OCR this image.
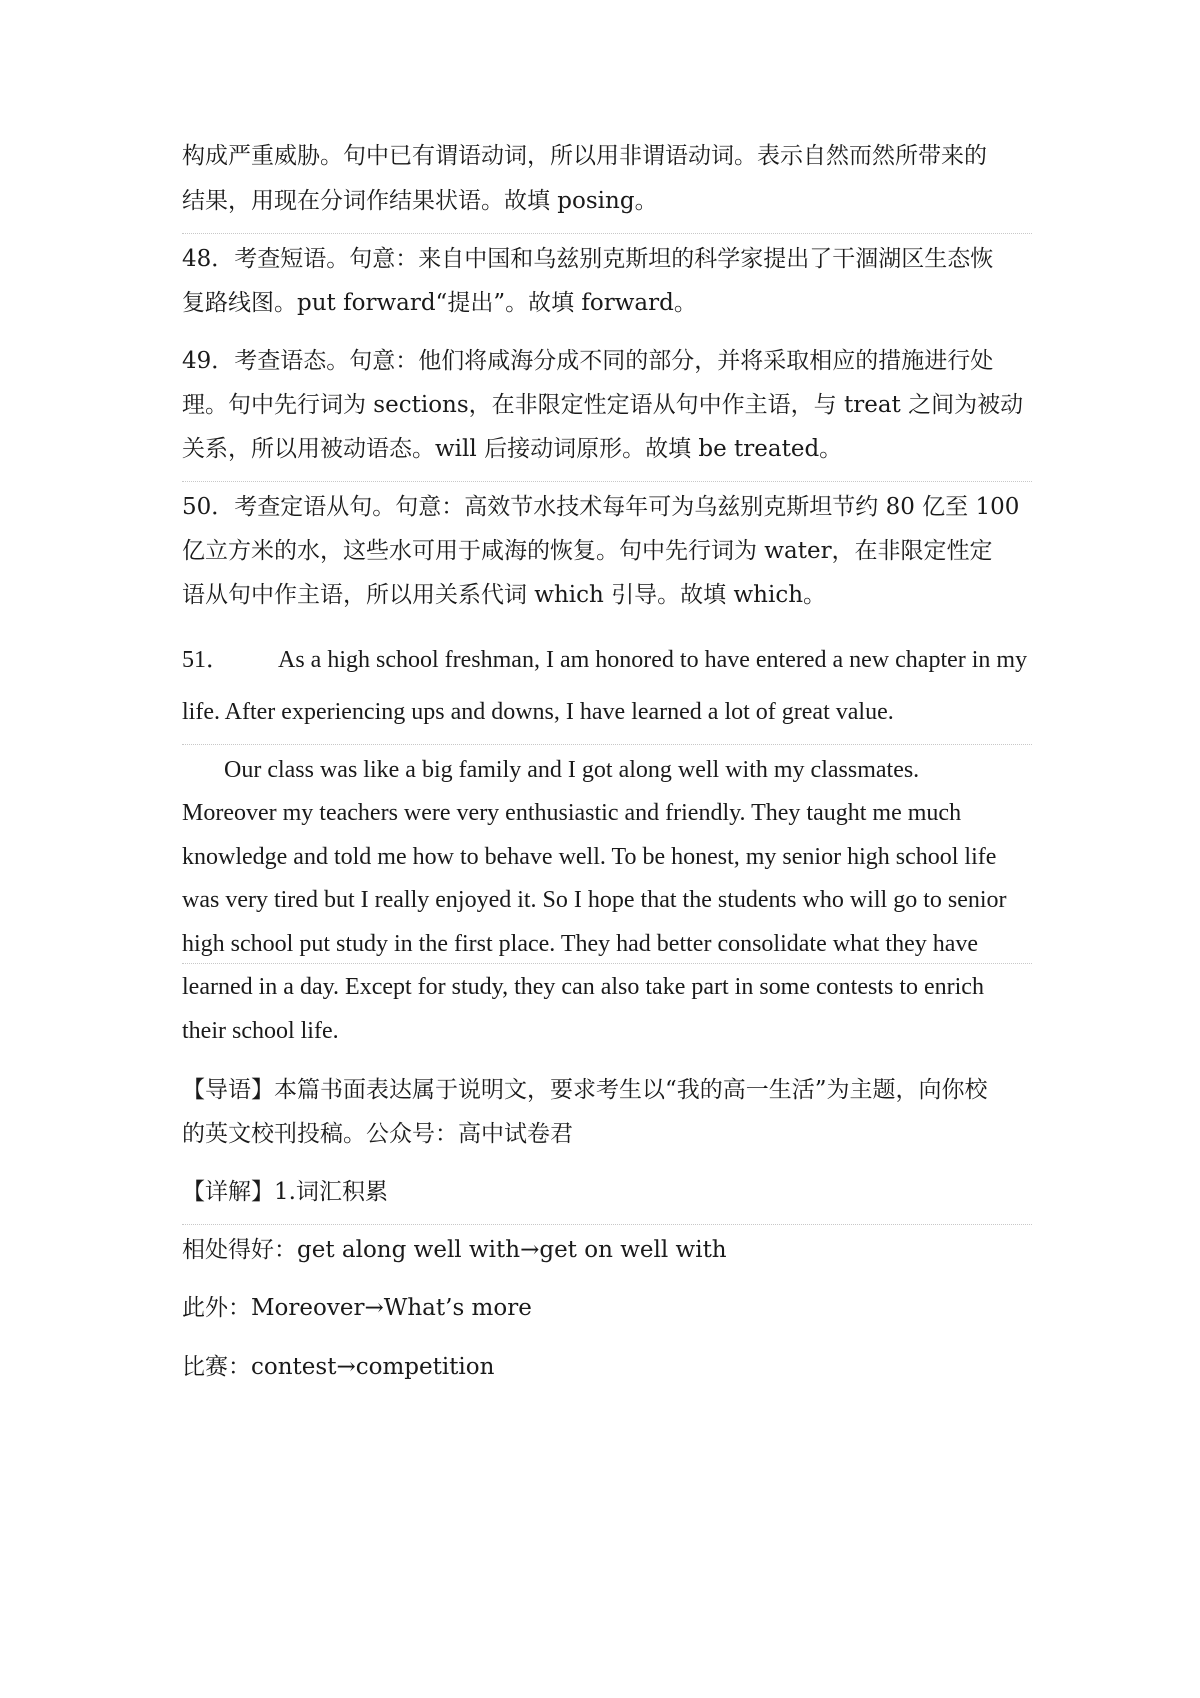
构成严重威胁。句中已有谓语动词，所以用非谓语动词。表示自然而然所带来的
结果，用现在分词作结果状语。故填 posing。
48．考查短语。句意：来自中国和乌兹别克斯坦的科学家提出了干涸湖区生态恢
复路线图。put forward“提出”。故填 forward。
49．考查语态。句意：他们将咸海分成不同的部分，并将采取相应的措施进行处
理。句中先行词为 sections，在非限定性定语从句中作主语，与 treat 之间为被动
关系，所以用被动语态。will 后接动词原形。故填 be treated。
50．考查定语从句。句意：高效节水技术每年可为乌兹别克斯坦节约 80 亿至 100
亿立方米的水，这些水可用于咸海的恢复。句中先行词为 water，在非限定性定
语从句中作主语，所以用关系代词 which 引导。故填 which。
51． As a high school freshman, I am honored to have entered a new chapter in my
life. After experiencing ups and downs, I have learned a lot of great value.
Our class was like a big family and I got along well with my classmates.
Moreover my teachers were very enthusiastic and friendly. They taught me much
knowledge and told me how to behave well. To be honest, my senior high school life
was very tired but I really enjoyed it. So I hope that the students who will go to senior
high school put study in the first place. They had better consolidate what they have
learned in a day. Except for study, they can also take part in some contests to enrich
their school life.
【导语】本篇书面表达属于说明文，要求考生以“我的高一生活”为主题，向你校
的英文校刊投稿。公众号：高中试卷君
【详解】1.词汇积累
相处得好：get along well with→get on well with
此外：Moreover→What’s more
比赛：contest→competition
